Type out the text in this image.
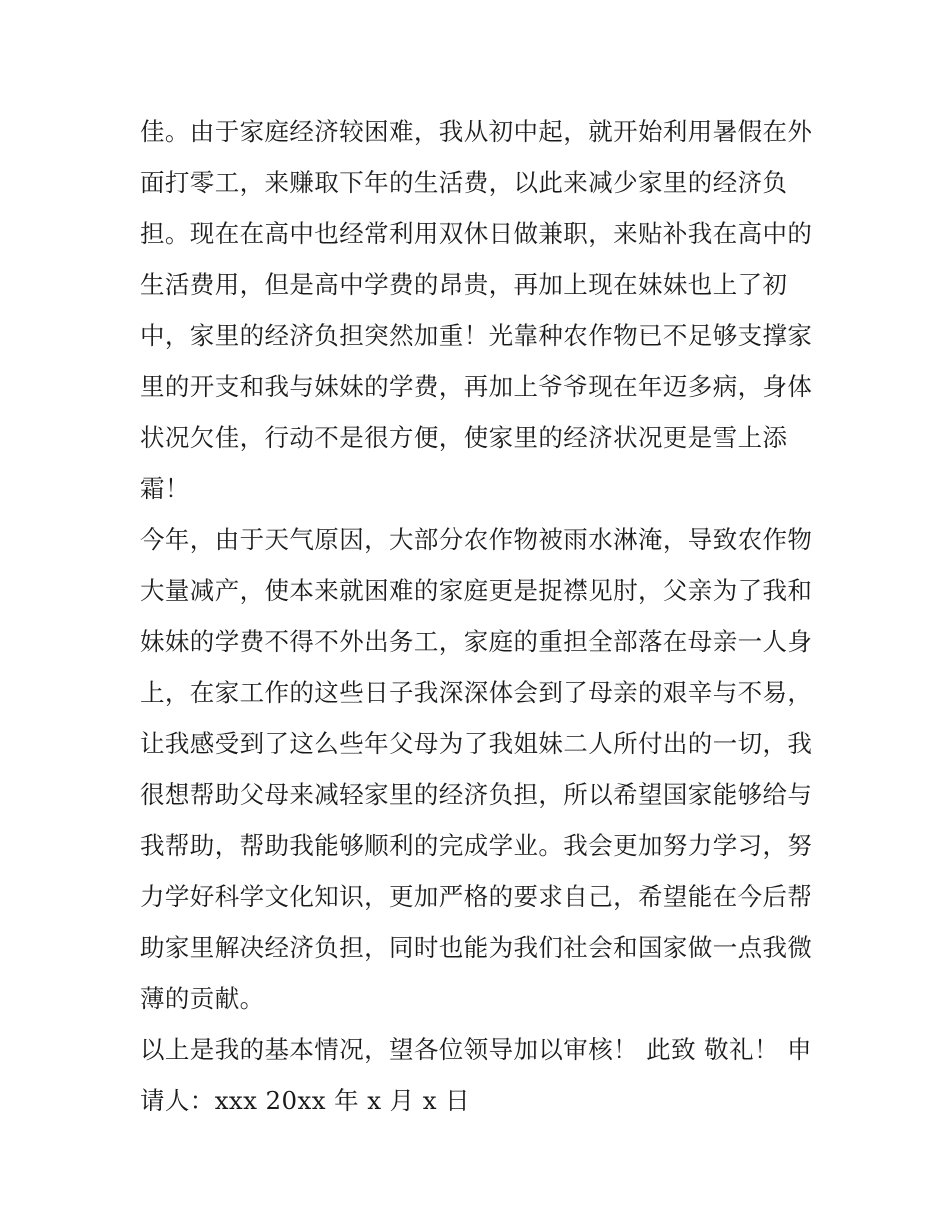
佳。由于家庭经济较困难，我从初中起，就开始利用暑假在外
面打零工，来赚取下年的生活费，以此来减少家里的经济负
担。现在在高中也经常利用双休日做兼职，来贴补我在高中的
生活费用，但是高中学费的昂贵，再加上现在妹妹也上了初
中，家里的经济负担突然加重！光靠种农作物已不足够支撑家
里的开支和我与妹妹的学费，再加上爷爷现在年迈多病，身体
状况欠佳，行动不是很方便，使家里的经济状况更是雪上添
霜！
今年，由于天气原因，大部分农作物被雨水淋淹，导致农作物
大量减产，使本来就困难的家庭更是捉襟见肘，父亲为了我和
妹妹的学费不得不外出务工，家庭的重担全部落在母亲一人身
上，在家工作的这些日子我深深体会到了母亲的艰辛与不易，
让我感受到了这么些年父母为了我姐妹二人所付出的一切，我
很想帮助父母来减轻家里的经济负担，所以希望国家能够给与
我帮助，帮助我能够顺利的完成学业。我会更加努力学习，努
力学好科学文化知识，更加严格的要求自己，希望能在今后帮
助家里解决经济负担，同时也能为我们社会和国家做一点我微
薄的贡献。
以上是我的基本情况，望各位领导加以审核！ 此致 敬礼！ 申
请人：xxx 20xx 年 x 月 x 日
